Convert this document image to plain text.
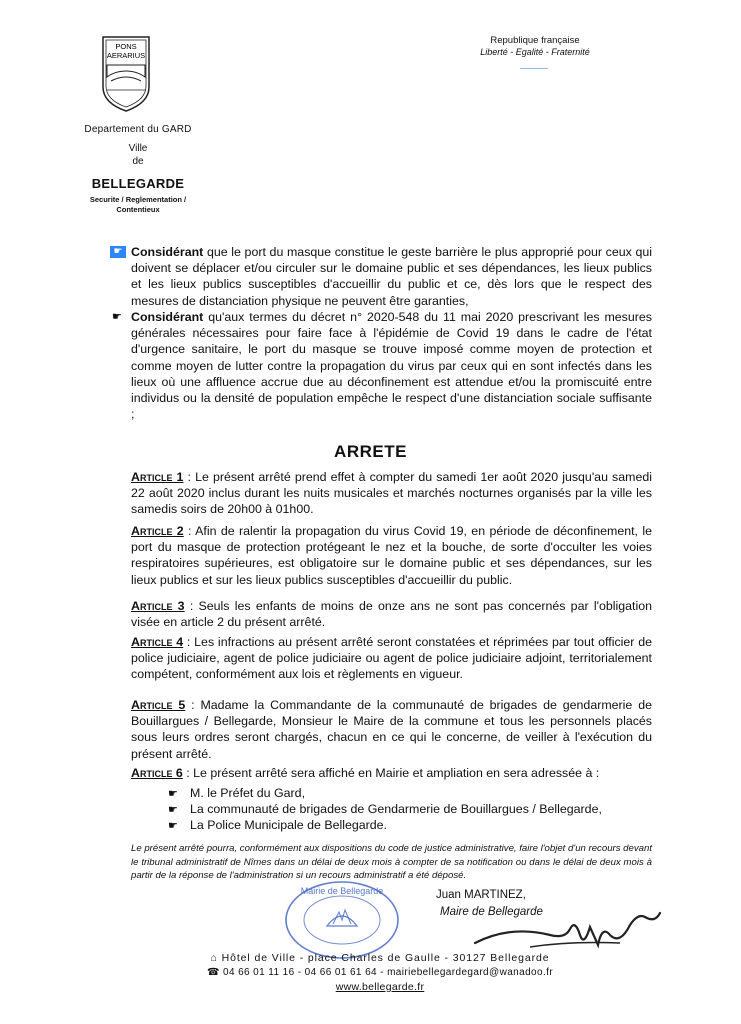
PONS
AERARIUS
Departement du GARD
Ville
de
BELLEGARDE
Securite / Reglementation /
Contentieux
Republique française
Liberté - Egalité - Fraternité
☛ Considérant que le port du masque constitue le geste barrière le plus approprié pour ceux qui doivent se déplacer et/ou circuler sur le domaine public et ses dépendances, les lieux publics et les lieux publics susceptibles d'accueillir du public et ce, dès lors que le respect des mesures de distanciation physique ne peuvent être garanties,
☛ Considérant qu'aux termes du décret n° 2020-548 du 11 mai 2020 prescrivant les mesures générales nécessaires pour faire face à l'épidémie de Covid 19 dans le cadre de l'état d'urgence sanitaire, le port du masque se trouve imposé comme moyen de protection et comme moyen de lutter contre la propagation du virus par ceux qui en sont infectés dans les lieux où une affluence accrue due au déconfinement est attendue et/ou la promiscuité entre individus ou la densité de population empêche le respect d'une distanciation sociale suffisante ;
ARRETE
Article 1 : Le présent arrêté prend effet à compter du samedi 1er août 2020 jusqu'au samedi 22 août 2020 inclus durant les nuits musicales et marchés nocturnes organisés par la ville les samedis soirs de 20h00 à 01h00.
Article 2 : Afin de ralentir la propagation du virus Covid 19, en période de déconfinement, le port du masque de protection protégeant le nez et la bouche, de sorte d'occulter les voies respiratoires supérieures, est obligatoire sur le domaine public et ses dépendances, sur les lieux publics et sur les lieux publics susceptibles d'accueillir du public.
Article 3 : Seuls les enfants de moins de onze ans ne sont pas concernés par l'obligation visée en article 2 du présent arrêté.
Article 4 : Les infractions au présent arrêté seront constatées et réprimées par tout officier de police judiciaire, agent de police judiciaire ou agent de police judiciaire adjoint, territorialement compétent, conformément aux lois et règlements en vigueur.
Article 5 : Madame la Commandante de la communauté de brigades de gendarmerie de Bouillargues / Bellegarde, Monsieur le Maire de la commune et tous les personnels placés sous leurs ordres seront chargés, chacun en ce qui le concerne, de veiller à l'exécution du présent arrêté.
Article 6 : Le présent arrêté sera affiché en Mairie et ampliation en sera adressée à :
☛ M. le Préfet du Gard,
☛ La communauté de brigades de Gendarmerie de Bouillargues / Bellegarde,
☛ La Police Municipale de Bellegarde.
Le présent arrêté pourra, conformément aux dispositions du code de justice administrative, faire l'objet d'un recours devant le tribunal administratif de Nîmes dans un délai de deux mois à compter de sa notification ou dans le délai de deux mois à partir de la réponse de l'administration si un recours administratif a été déposé.
Mairie de Bellegarde	Juan MARTINEZ,
Maire de Bellegarde
⌂ Hôtel de Ville - place Charles de Gaulle - 30127 Bellegarde
☎ 04 66 01 11 16 - 04 66 01 61 64 - mairiebellegardegard@wanadoo.fr
www.bellegarde.fr
